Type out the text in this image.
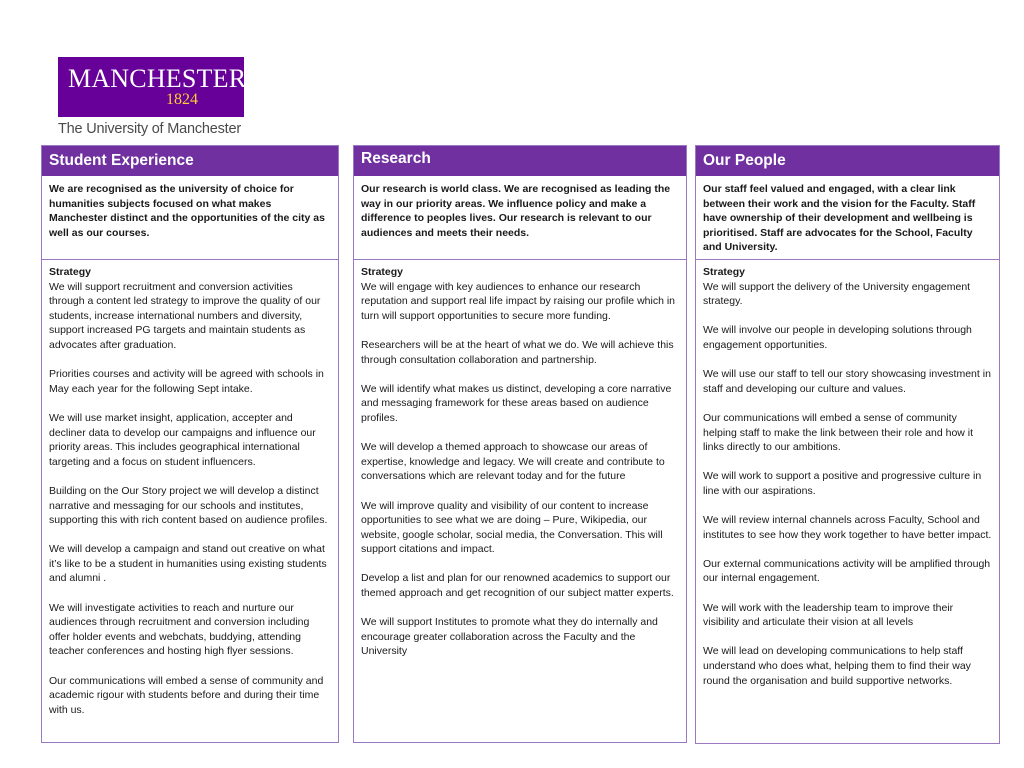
MANCHESTER
1824
The University of Manchester
Student Experience
We are recognised as the university of choice for humanities subjects focused on what makes Manchester distinct and the opportunities of the city as well as our courses.
Strategy

We will support recruitment and conversion activities through a content led strategy to improve the quality of our students, increase international numbers and diversity, support increased PG targets and maintain students as advocates after graduation.

Priorities courses and activity will be agreed with schools in May each year for the following Sept intake.

We will use market insight, application, accepter and decliner data to develop our campaigns and influence our priority areas. This includes geographical international targeting and a focus on student influencers.

Building on the Our Story project we will develop a distinct narrative and messaging for our schools and institutes, supporting this with rich content based on audience profiles.

We will develop a campaign and stand out creative on what it’s like to be a student in humanities using existing students and alumni .

We will investigate activities to reach and nurture our audiences through recruitment and conversion including offer holder events and webchats, buddying, attending teacher conferences and hosting high flyer sessions.

Our communications will embed a sense of community and academic rigour with students before and during their time with us.

Research
Our research is world class. We are recognised as leading the way in our priority areas. We influence policy and make a difference to peoples lives. Our research is relevant to our audiences and meets their needs.
Strategy

We will engage with key audiences to enhance our research reputation and support real life impact by raising our profile which in turn will support opportunities to secure more funding.

Researchers will be at the heart of what we do. We will achieve this through consultation collaboration and partnership.

We will identify what makes us distinct, developing a core narrative and messaging framework for these areas based on audience profiles.

We will develop a themed approach to showcase our areas of expertise, knowledge and legacy. We will create and contribute to conversations which are relevant today and for the future

We will improve quality and visibility of our content to increase opportunities to see what we are doing – Pure, Wikipedia, our website, google scholar, social media, the Conversation. This will support citations and impact.

Develop a list and plan for our renowned academics to support our themed approach and get recognition of our subject matter experts.

We will support Institutes to promote what they do internally and encourage greater collaboration across the Faculty and the University

Our People
Our staff feel valued and engaged, with a clear link between their work and the vision for the Faculty. Staff have ownership of their development and wellbeing is prioritised. Staff are advocates for the School, Faculty and University.
Strategy

We will support the delivery of the University engagement strategy.

We will involve our people in developing solutions through engagement opportunities.

We will use our staff to tell our story showcasing investment in staff and developing our culture and values.

Our communications will embed a sense of community helping staff to make the link between their role and how it links directly to our ambitions.

We will work to support a positive and progressive culture in line with our aspirations.

We will review internal channels across Faculty, School and institutes to see how they work together to have better impact.

Our external communications activity will be amplified through our internal engagement.

We will work with the leadership team to improve their visibility and articulate their vision at all levels

We will lead on developing communications to help staff understand who does what, helping them to find their way round the organisation and build supportive networks.
